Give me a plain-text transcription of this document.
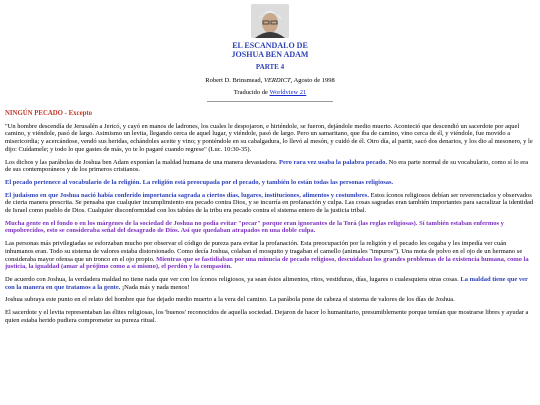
EL ESCANDALO DE
JOSHUA BEN ADAM
PARTE 4
Robert D. Brinsmead, VERDICT, Agosto de 1998
Traducido de Worldview 21
NINGÚN PECADO - Excepto

"Un hombre descendía de Jerusalén a Jericó, y cayó en manos de ladrones, los cuales le despojaron, e hiriéndole, se fueron, dejándole medio muerto. Aconteció que descendió un sacerdote por aquel camino, y viéndole, pasó de largo. Asimismo un levita, llegando cerca de aquel lugar, y viéndole, pasó de largo. Pero un samaritano, que iba de camino, vino cerca de él, y viéndole, fue movido a misericordia; y acercándose, vendó sus heridas, echándoles aceite y vino; y poniéndole en su cabalgadura, lo llevó al mesón, y cuidó de él. Otro día, al partir, sacó dos denarios, y los dio al mesonero, y le dijo: Cuídamele; y todo lo que gastes de más, yo te lo pagaré cuando regrese" (Luc. 10:30-35).

Los dichos y las parábolas de Joshua ben Adam exponían la maldad humana de una manera devastadora. Pero rara vez usaba la palabra pecado. No era parte normal de su vocabulario, como sí lo era de sus contemporáneos y de los primeros cristianos.

El pecado pertenece al vocabulario de la religión. La religión está preocupada por el pecado, y también lo están todas las personas religiosas.

El judaísmo en que Joshua nació había conferido importancia sagrada a ciertos días, lugares, instituciones, alimentos y costumbres. Estos íconos religiosos debían ser reverenciados y observados de cierta manera prescrita. Se pensaba que cualquier incumplimiento era pecado contra Dios, y se incurría en profanación y culpa. Las cosas sagradas eran también importantes para sacralizar la identidad de Israel como pueblo de Dios. Cualquier disconformidad con los tabúes de la tribu era pecado contra el sistema entero de la justicia tribal.

Mucha gente en el fondo o en los márgenes de la sociedad de Joshua no podía evitar "pecar" porque eran ignorantes de la Torá (las reglas religiosas). Sí también estaban enfermos y empobrecidos, esto se consideraba señal del desagrado de Dios. Así que quedaban atrapados en una doble culpa.

Las personas más privilegiadas se esforzaban mucho por observar el código de pureza para evitar la profanación. Esta preocupación por la religión y el pecado les cegaba y les impedía ver cuán inhumanos eran. Todo su sistema de valores estaba distorsionado. Como decía Joshua, colaban el mosquito y tragaban el camello (animales "impuros"). Una mota de polvo en el ojo de un hermano se consideraba mayor ofensa que un tronco en el ojo propio. Mientras que se fastidiaban por una minucia de pecado religioso, descuidaban los grandes problemas de la existencia humana, como la justicia, la igualdad (amar al prójimo como a sí mismo), el perdón y la compasión.

De acuerdo con Joshua, la verdadera maldad no tiene nada que ver con los íconos religiosos, ya sean éstos alimentos, ritos, vestiduras, días, lugares o cualesquiera otras cosas. La maldad tiene que ver con la manera en que tratamos a la gente. ¡Nada más y nada menos!

Joshua subraya este punto en el relato del hombre que fue dejado medio muerto a la vera del camino. La parábola pone de cabeza el sistema de valores de los días de Joshua.

El sacerdote y el levita representaban las élites religiosas, los 'buenos' reconocidos de aquella sociedad. Dejaron de hacer lo humanitario, presumiblemente porque temían que mostrarse libres y ayudar a quien estaba herido pudiera comprometer su pureza ritual.
